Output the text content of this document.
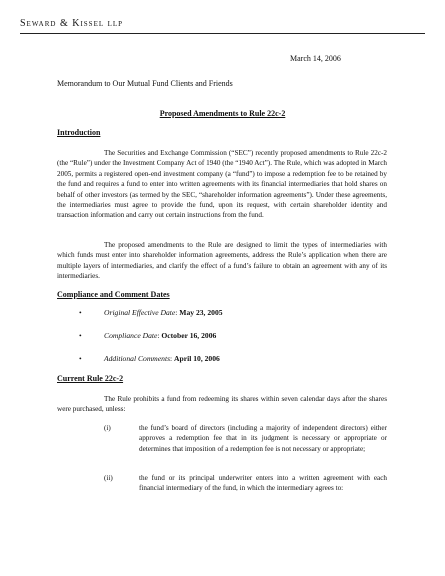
Seward & Kissel llp
March 14, 2006
Memorandum to Our Mutual Fund Clients and Friends
Proposed Amendments to Rule 22c-2
Introduction
The Securities and Exchange Commission (“SEC”) recently proposed amendments to Rule 22c-2 (the “Rule”) under the Investment Company Act of 1940 (the “1940 Act”). The Rule, which was adopted in March 2005, permits a registered open-end investment company (a “fund”) to impose a redemption fee to be retained by the fund and requires a fund to enter into written agreements with its financial intermediaries that hold shares on behalf of other investors (as termed by the SEC, “shareholder information agreements”). Under these agreements, the intermediaries must agree to provide the fund, upon its request, with certain shareholder identity and transaction information and carry out certain instructions from the fund.
The proposed amendments to the Rule are designed to limit the types of intermediaries with which funds must enter into shareholder information agreements, address the Rule’s application when there are multiple layers of intermediaries, and clarify the effect of a fund’s failure to obtain an agreement with any of its intermediaries.
Compliance and Comment Dates
•	Original Effective Date: May 23, 2005
•	Compliance Date: October 16, 2006
•	Additional Comments: April 10, 2006
Current Rule 22c-2
The Rule prohibits a fund from redeeming its shares within seven calendar days after the shares were purchased, unless:
(i)	the fund’s board of directors (including a majority of independent directors) either approves a redemption fee that in its judgment is necessary or appropriate or determines that imposition of a redemption fee is not necessary or appropriate;
(ii)	the fund or its principal underwriter enters into a written agreement with each financial intermediary of the fund, in which the intermediary agrees to:
